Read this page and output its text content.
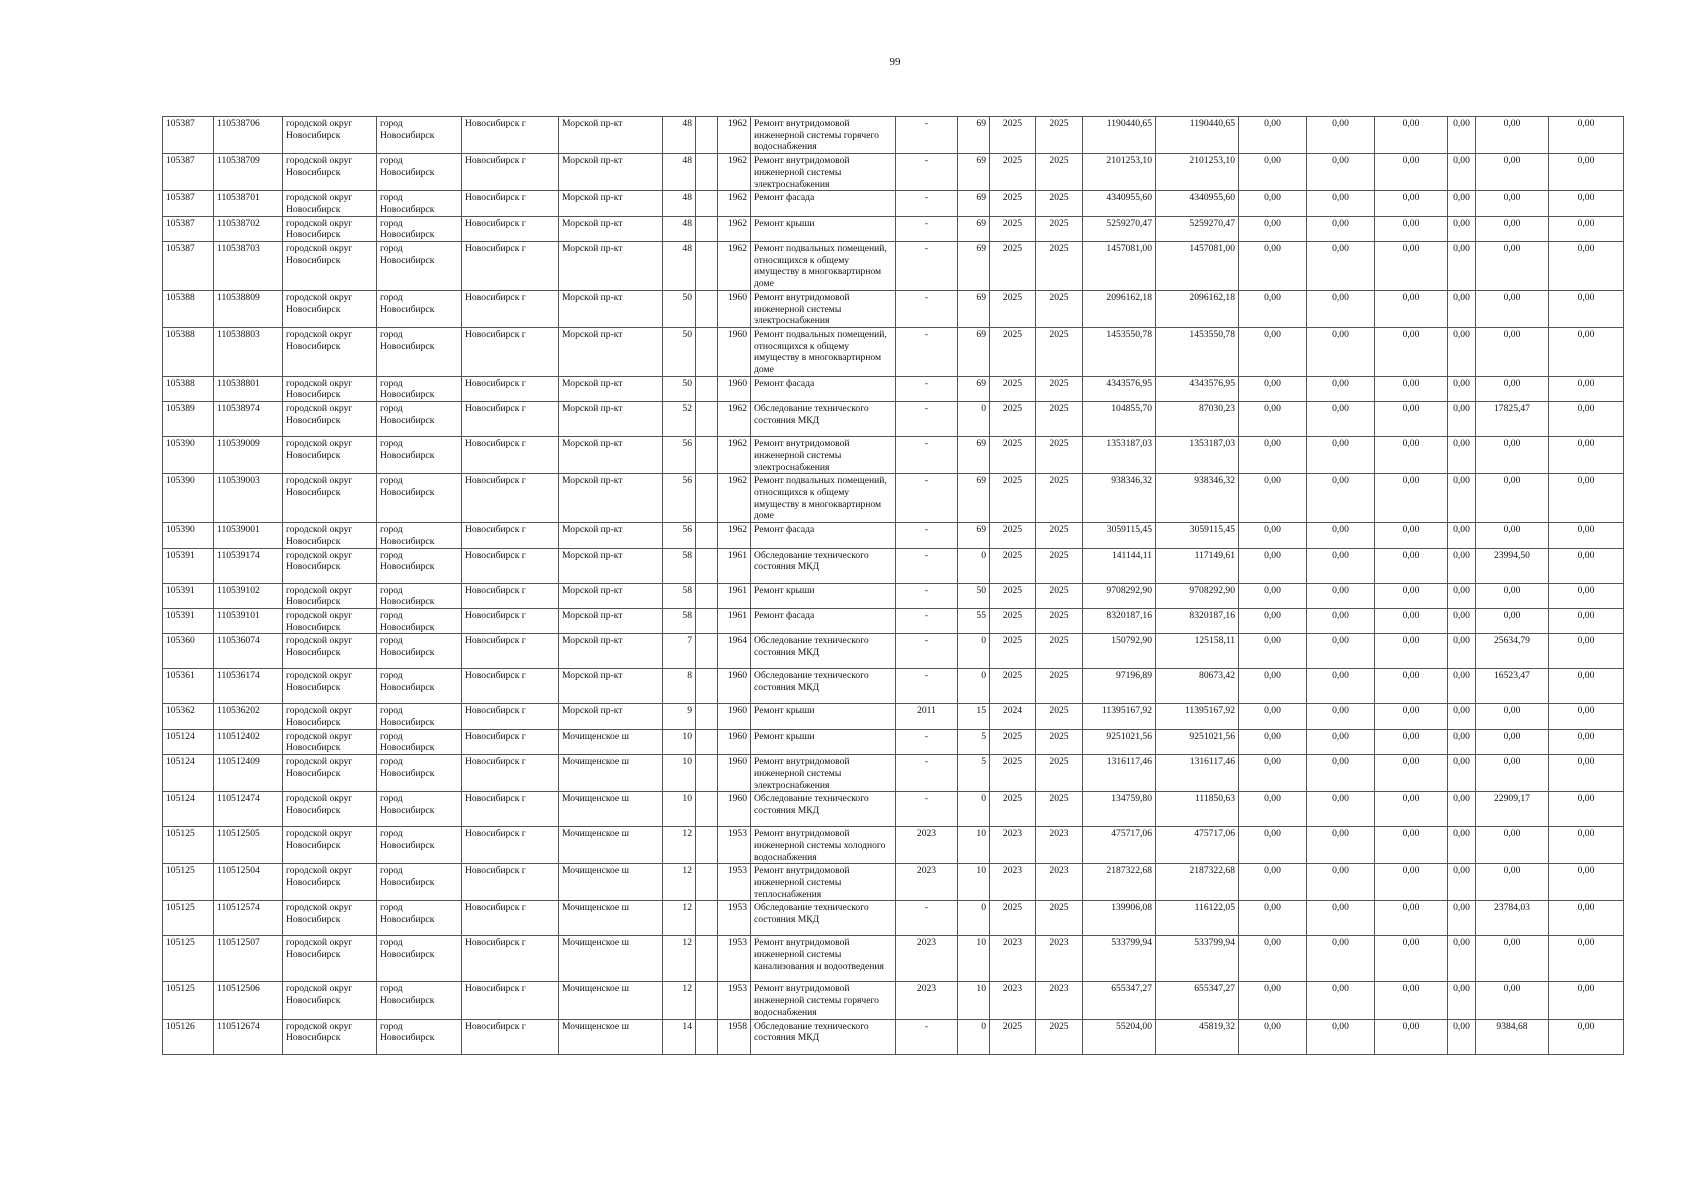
99
105387	110538706	городской округ Новосибирск	город Новосибирск	Новосибирск г	Морской пр-кт	48		1962	Ремонт внутридомовой инженерной системы горячего водоснабжения	-	69	2025	2025	1190440,65	1190440,65	0,00	0,00	0,00	0,00	0,00	0,00
105387	110538709	городской округ Новосибирск	город Новосибирск	Новосибирск г	Морской пр-кт	48		1962	Ремонт внутридомовой инженерной системы электроснабжения	-	69	2025	2025	2101253,10	2101253,10	0,00	0,00	0,00	0,00	0,00	0,00
105387	110538701	городской округ Новосибирск	город Новосибирск	Новосибирск г	Морской пр-кт	48		1962	Ремонт фасада	-	69	2025	2025	4340955,60	4340955,60	0,00	0,00	0,00	0,00	0,00	0,00
105387	110538702	городской округ Новосибирск	город Новосибирск	Новосибирск г	Морской пр-кт	48		1962	Ремонт крыши	-	69	2025	2025	5259270,47	5259270,47	0,00	0,00	0,00	0,00	0,00	0,00
105387	110538703	городской округ Новосибирск	город Новосибирск	Новосибирск г	Морской пр-кт	48		1962	Ремонт подвальных помещений, относящихся к общему имуществу в многоквартирном доме	-	69	2025	2025	1457081,00	1457081,00	0,00	0,00	0,00	0,00	0,00	0,00
105388	110538809	городской округ Новосибирск	город Новосибирск	Новосибирск г	Морской пр-кт	50		1960	Ремонт внутридомовой инженерной системы электроснабжения	-	69	2025	2025	2096162,18	2096162,18	0,00	0,00	0,00	0,00	0,00	0,00
105388	110538803	городской округ Новосибирск	город Новосибирск	Новосибирск г	Морской пр-кт	50		1960	Ремонт подвальных помещений, относящихся к общему имуществу в многоквартирном доме	-	69	2025	2025	1453550,78	1453550,78	0,00	0,00	0,00	0,00	0,00	0,00
105388	110538801	городской округ Новосибирск	город Новосибирск	Новосибирск г	Морской пр-кт	50		1960	Ремонт фасада	-	69	2025	2025	4343576,95	4343576,95	0,00	0,00	0,00	0,00	0,00	0,00
105389	110538974	городской округ Новосибирск	город Новосибирск	Новосибирск г	Морской пр-кт	52		1962	Обследование технического состояния МКД	-	0	2025	2025	104855,70	87030,23	0,00	0,00	0,00	0,00	17825,47	0,00
105390	110539009	городской округ Новосибирск	город Новосибирск	Новосибирск г	Морской пр-кт	56		1962	Ремонт внутридомовой инженерной системы электроснабжения	-	69	2025	2025	1353187,03	1353187,03	0,00	0,00	0,00	0,00	0,00	0,00
105390	110539003	городской округ Новосибирск	город Новосибирск	Новосибирск г	Морской пр-кт	56		1962	Ремонт подвальных помещений, относящихся к общему имуществу в многоквартирном доме	-	69	2025	2025	938346,32	938346,32	0,00	0,00	0,00	0,00	0,00	0,00
105390	110539001	городской округ Новосибирск	город Новосибирск	Новосибирск г	Морской пр-кт	56		1962	Ремонт фасада	-	69	2025	2025	3059115,45	3059115,45	0,00	0,00	0,00	0,00	0,00	0,00
105391	110539174	городской округ Новосибирск	город Новосибирск	Новосибирск г	Морской пр-кт	58		1961	Обследование технического состояния МКД	-	0	2025	2025	141144,11	117149,61	0,00	0,00	0,00	0,00	23994,50	0,00
105391	110539102	городской округ Новосибирск	город Новосибирск	Новосибирск г	Морской пр-кт	58		1961	Ремонт крыши	-	50	2025	2025	9708292,90	9708292,90	0,00	0,00	0,00	0,00	0,00	0,00
105391	110539101	городской округ Новосибирск	город Новосибирск	Новосибирск г	Морской пр-кт	58		1961	Ремонт фасада	-	55	2025	2025	8320187,16	8320187,16	0,00	0,00	0,00	0,00	0,00	0,00
105360	110536074	городской округ Новосибирск	город Новосибирск	Новосибирск г	Морской пр-кт	7		1964	Обследование технического состояния МКД	-	0	2025	2025	150792,90	125158,11	0,00	0,00	0,00	0,00	25634,79	0,00
105361	110536174	городской округ Новосибирск	город Новосибирск	Новосибирск г	Морской пр-кт	8		1960	Обследование технического состояния МКД	-	0	2025	2025	97196,89	80673,42	0,00	0,00	0,00	0,00	16523,47	0,00
105362	110536202	городской округ Новосибирск	город Новосибирск	Новосибирск г	Морской пр-кт	9		1960	Ремонт крыши	2011	15	2024	2025	11395167,92	11395167,92	0,00	0,00	0,00	0,00	0,00	0,00
105124	110512402	городской округ Новосибирск	город Новосибирск	Новосибирск г	Мочищенское ш	10		1960	Ремонт крыши	-	5	2025	2025	9251021,56	9251021,56	0,00	0,00	0,00	0,00	0,00	0,00
105124	110512409	городской округ Новосибирск	город Новосибирск	Новосибирск г	Мочищенское ш	10		1960	Ремонт внутридомовой инженерной системы электроснабжения	-	5	2025	2025	1316117,46	1316117,46	0,00	0,00	0,00	0,00	0,00	0,00
105124	110512474	городской округ Новосибирск	город Новосибирск	Новосибирск г	Мочищенское ш	10		1960	Обследование технического состояния МКД	-	0	2025	2025	134759,80	111850,63	0,00	0,00	0,00	0,00	22909,17	0,00
105125	110512505	городской округ Новосибирск	город Новосибирск	Новосибирск г	Мочищенское ш	12		1953	Ремонт внутридомовой инженерной системы холодного водоснабжения	2023	10	2023	2023	475717,06	475717,06	0,00	0,00	0,00	0,00	0,00	0,00
105125	110512504	городской округ Новосибирск	город Новосибирск	Новосибирск г	Мочищенское ш	12		1953	Ремонт внутридомовой инженерной системы теплоснабжения	2023	10	2023	2023	2187322,68	2187322,68	0,00	0,00	0,00	0,00	0,00	0,00
105125	110512574	городской округ Новосибирск	город Новосибирск	Новосибирск г	Мочищенское ш	12		1953	Обследование технического состояния МКД	-	0	2025	2025	139906,08	116122,05	0,00	0,00	0,00	0,00	23784,03	0,00
105125	110512507	городской округ Новосибирск	город Новосибирск	Новосибирск г	Мочищенское ш	12		1953	Ремонт внутридомовой инженерной системы канализования и водоотведения	2023	10	2023	2023	533799,94	533799,94	0,00	0,00	0,00	0,00	0,00	0,00
105125	110512506	городской округ Новосибирск	город Новосибирск	Новосибирск г	Мочищенское ш	12		1953	Ремонт внутридомовой инженерной системы горячего водоснабжения	2023	10	2023	2023	655347,27	655347,27	0,00	0,00	0,00	0,00	0,00	0,00
105126	110512674	городской округ Новосибирск	город Новосибирск	Новосибирск г	Мочищенское ш	14		1958	Обследование технического состояния МКД	-	0	2025	2025	55204,00	45819,32	0,00	0,00	0,00	0,00	9384,68	0,00
